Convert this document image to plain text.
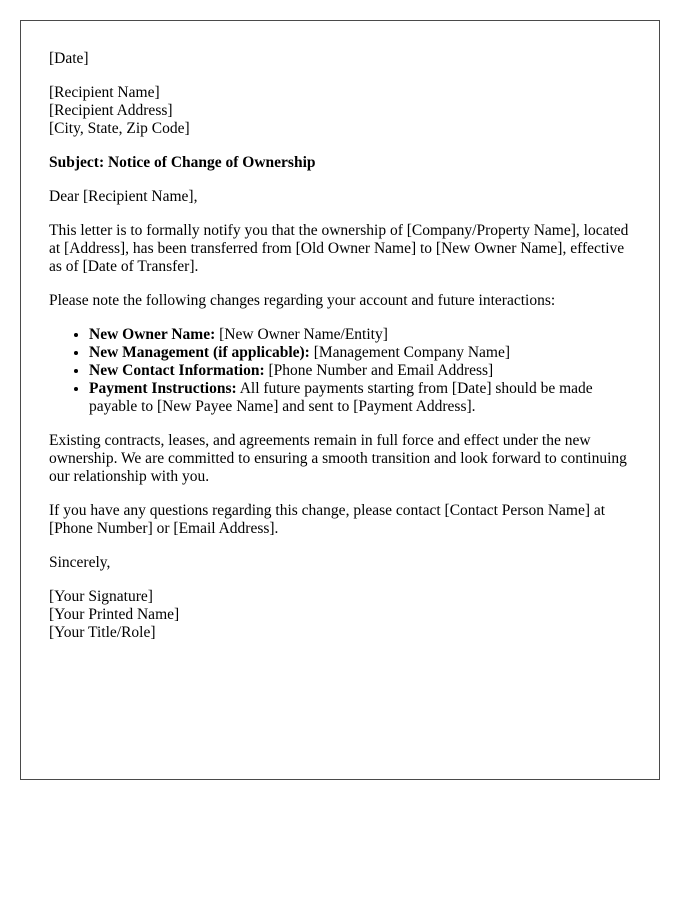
[Date]

[Recipient Name]
[Recipient Address]
[City, State, Zip Code]

Subject: Notice of Change of Ownership

Dear [Recipient Name],

This letter is to formally notify you that the ownership of [Company/Property Name], located at [Address], has been transferred from [Old Owner Name] to [New Owner Name], effective as of [Date of Transfer].

Please note the following changes regarding your account and future interactions:

• New Owner Name: [New Owner Name/Entity]
• New Management (if applicable): [Management Company Name]
• New Contact Information: [Phone Number and Email Address]
• Payment Instructions: All future payments starting from [Date] should be made payable to [New Payee Name] and sent to [Payment Address].

Existing contracts, leases, and agreements remain in full force and effect under the new ownership. We are committed to ensuring a smooth transition and look forward to continuing our relationship with you.

If you have any questions regarding this change, please contact [Contact Person Name] at [Phone Number] or [Email Address].

Sincerely,

[Your Signature]
[Your Printed Name]
[Your Title/Role]
